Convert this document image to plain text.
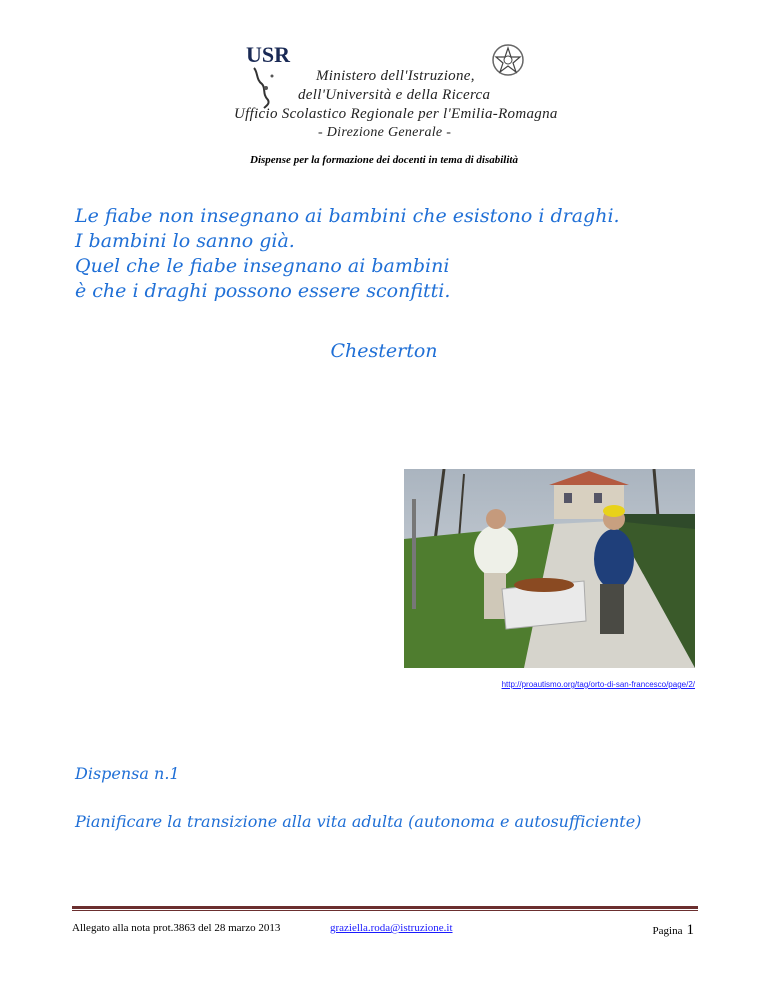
USR
Ministero dell'Istruzione,
dell'Università e della Ricerca
Ufficio Scolastico Regionale per l'Emilia-Romagna
- Direzione Generale -
Dispense per la formazione dei docenti in tema di disabilità
Le fiabe non insegnano ai bambini che esistono i draghi.
I bambini lo sanno già.
Quel che le fiabe insegnano ai bambini
è che i draghi possono essere sconfitti.
Chesterton
http://proautismo.org/tag/orto-di-san-francesco/page/2/
Dispensa n.1
Pianificare la transizione alla vita adulta (autonoma e autosufficiente)
Allegato alla nota prot.3863 del 28 marzo 2013	graziella.roda@istruzione.it	Pagina 1
